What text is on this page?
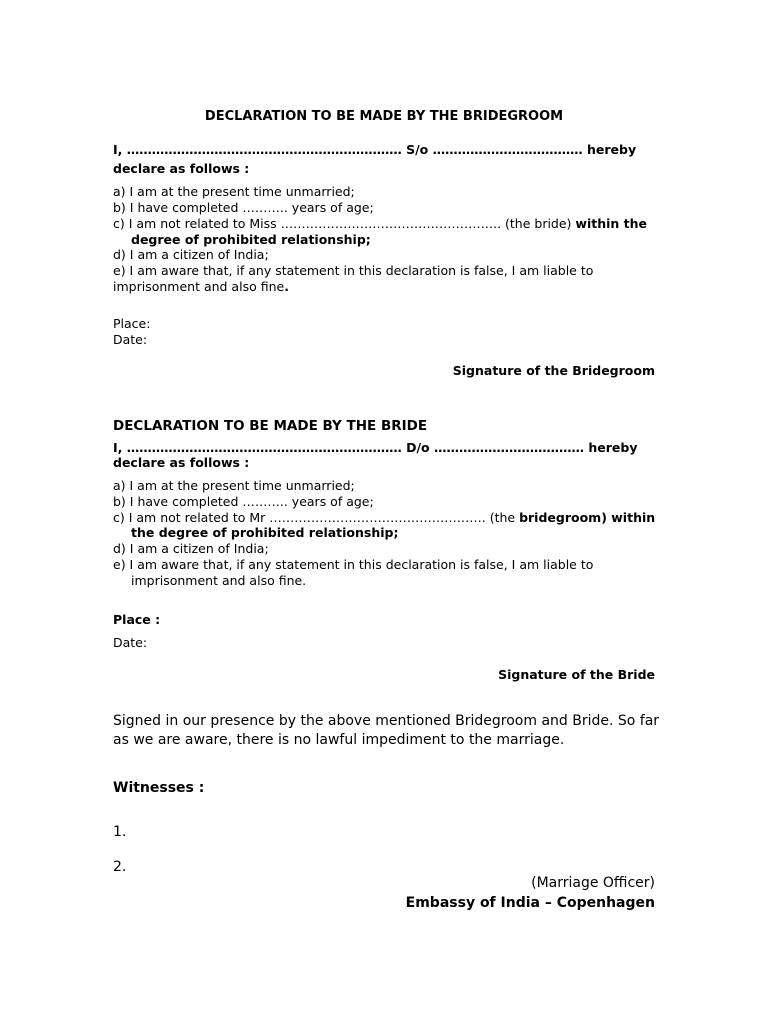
DECLARATION TO BE MADE BY THE BRIDEGROOM
I, ………………………………………………………… S/o ……………………………… hereby
declare as follows :
a) I am at the present time unmarried;
b) I have completed ……….. years of age;
c) I am not related to Miss …………………………………………….. (the bride) within the
degree of prohibited relationship;
d) I am a citizen of India;
e) I am aware that, if any statement in this declaration is false, I am liable to
imprisonment and also fine.
Place:
Date:
Signature of the Bridegroom
DECLARATION TO BE MADE BY THE BRIDE
I, ………………………………………………………… D/o ……………………………… hereby
declare as follows :
a) I am at the present time unmarried;
b) I have completed ……….. years of age;
c) I am not related to Mr ……………………………………………. (the bridegroom) within
the degree of prohibited relationship;
d) I am a citizen of India;
e) I am aware that, if any statement in this declaration is false, I am liable to
imprisonment and also fine.
Place :
Date:
Signature of the Bride
Signed in our presence by the above mentioned Bridegroom and Bride. So far
as we are aware, there is no lawful impediment to the marriage.
Witnesses :
1.
2.
(Marriage Officer)
Embassy of India – Copenhagen
